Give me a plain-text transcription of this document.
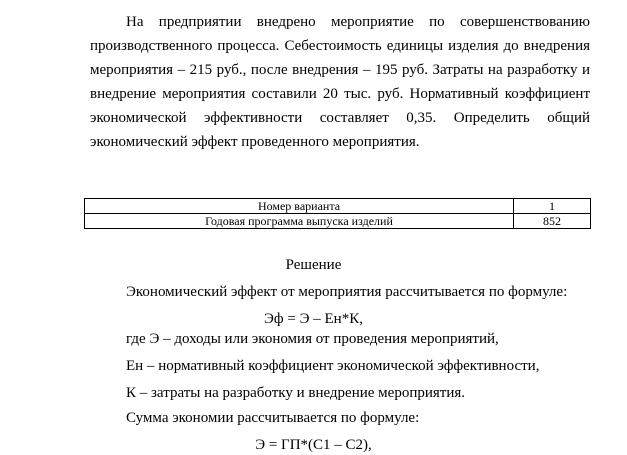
На предприятии внедрено мероприятие по совершенствованию производственного процесса. Себестоимость единицы изделия до внедрения мероприятия – 215 руб., после внедрения – 195 руб. Затраты на разработку и внедрение мероприятия составили 20 тыс. руб. Нормативный коэффициент экономической эффективности составляет 0,35. Определить общий экономический эффект проведенного мероприятия.

Номер варианта	1
Годовая программа выпуска изделий	852

Решение

Экономический эффект от мероприятия рассчитывается по формуле:

Эф = Э – Ен*К,

где Э – доходы или экономия от проведения мероприятий,

Ен – нормативный коэффициент экономической эффективности,

К – затраты на разработку и внедрение мероприятия.

Сумма экономии рассчитывается по формуле:

Э = ГП*(С1 – С2),
